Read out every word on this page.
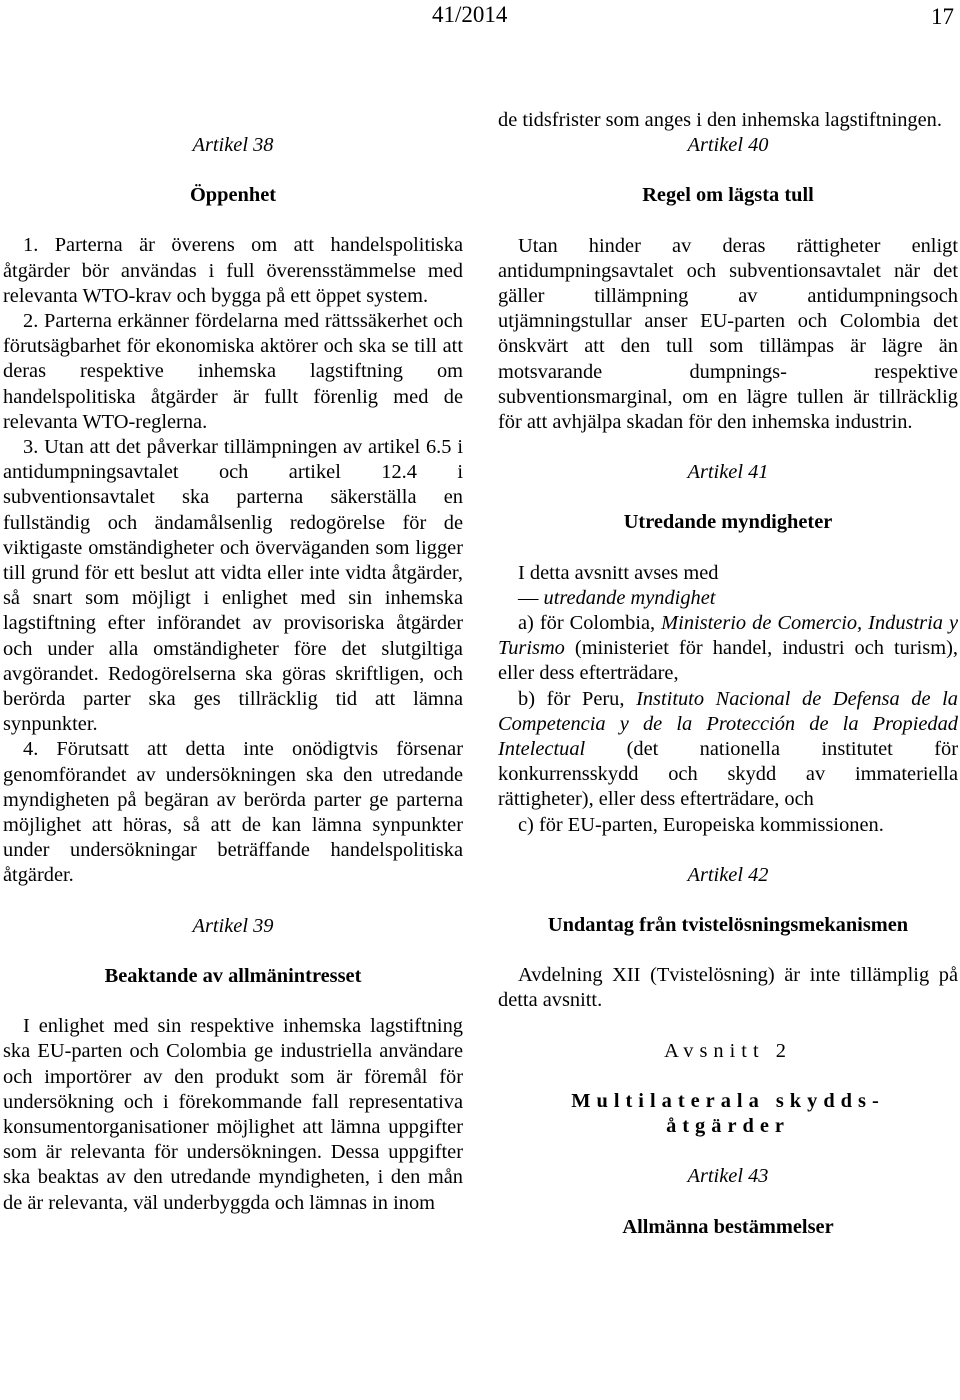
41/2014	17

Artikel 38

Öppenhet

1. Parterna är överens om att handelspolitiska åtgärder bör användas i full överensstämmelse med relevanta WTO-krav och bygga på ett öppet system.

2. Parterna erkänner fördelarna med rättssäkerhet och förutsägbarhet för ekonomiska aktörer och ska se till att deras respektive inhemska lagstiftning om handelspolitiska åtgärder är fullt förenlig med de relevanta WTO-reglerna.

3. Utan att det påverkar tillämpningen av artikel 6.5 i antidumpningsavtalet och artikel 12.4 i subventionsavtalet ska parterna säkerställa en fullständig och ändamålsenlig redogörelse för de viktigaste omständigheter och överväganden som ligger till grund för ett beslut att vidta eller inte vidta åtgärder, så snart som möjligt i enlighet med sin inhemska lagstiftning efter införandet av provisoriska åtgärder och under alla omständigheter före det slutgiltiga avgörandet. Redogörelserna ska göras skriftligen, och berörda parter ska ges tillräcklig tid att lämna synpunkter.

4. Förutsatt att detta inte onödigtvis försenar genomförandet av undersökningen ska den utredande myndigheten på begäran av berörda parter ge parterna möjlighet att höras, så att de kan lämna synpunkter under undersökningar beträffande handelspolitiska åtgärder.

Artikel 39

Beaktande av allmänintresset

I enlighet med sin respektive inhemska lagstiftning ska EU-parten och Colombia ge industriella användare och importörer av den produkt som är föremål för undersökning och i förekommande fall representativa konsumentorganisationer möjlighet att lämna uppgifter som är relevanta för undersökningen. Dessa uppgifter ska beaktas av den utredande myndigheten, i den mån de är relevanta, väl underbyggda och lämnas in inom

de tidsfrister som anges i den inhemska lagstiftningen.

Artikel 40

Regel om lägsta tull

Utan hinder av deras rättigheter enligt antidumpningsavtalet och subventionsavtalet när det gäller tillämpning av antidumpningsoch utjämningstullar anser EU-parten och Colombia det önskvärt att den tull som tillämpas är lägre än motsvarande dumpnings- respektive subventionsmarginal, om en lägre tullen är tillräcklig för att avhjälpa skadan för den inhemska industrin.

Artikel 41

Utredande myndigheter

I detta avsnitt avses med

— utredande myndighet

a) för Colombia, Ministerio de Comercio, Industria y Turismo (ministeriet för handel, industri och turism), eller dess efterträdare,

b) för Peru, Instituto Nacional de Defensa de la Competencia y de la Protección de la Propiedad Intelectual (det nationella institutet för konkurrensskydd och skydd av immateriella rättigheter), eller dess efterträdare, och

c) för EU-parten, Europeiska kommissionen.

Artikel 42

Undantag från tvistelösningsmekanismen

Avdelning XII (Tvistelösning) är inte tillämplig på detta avsnitt.

Avsnitt 2

Multilaterala skydds-

åtgärder

Artikel 43

Allmänna bestämmelser
